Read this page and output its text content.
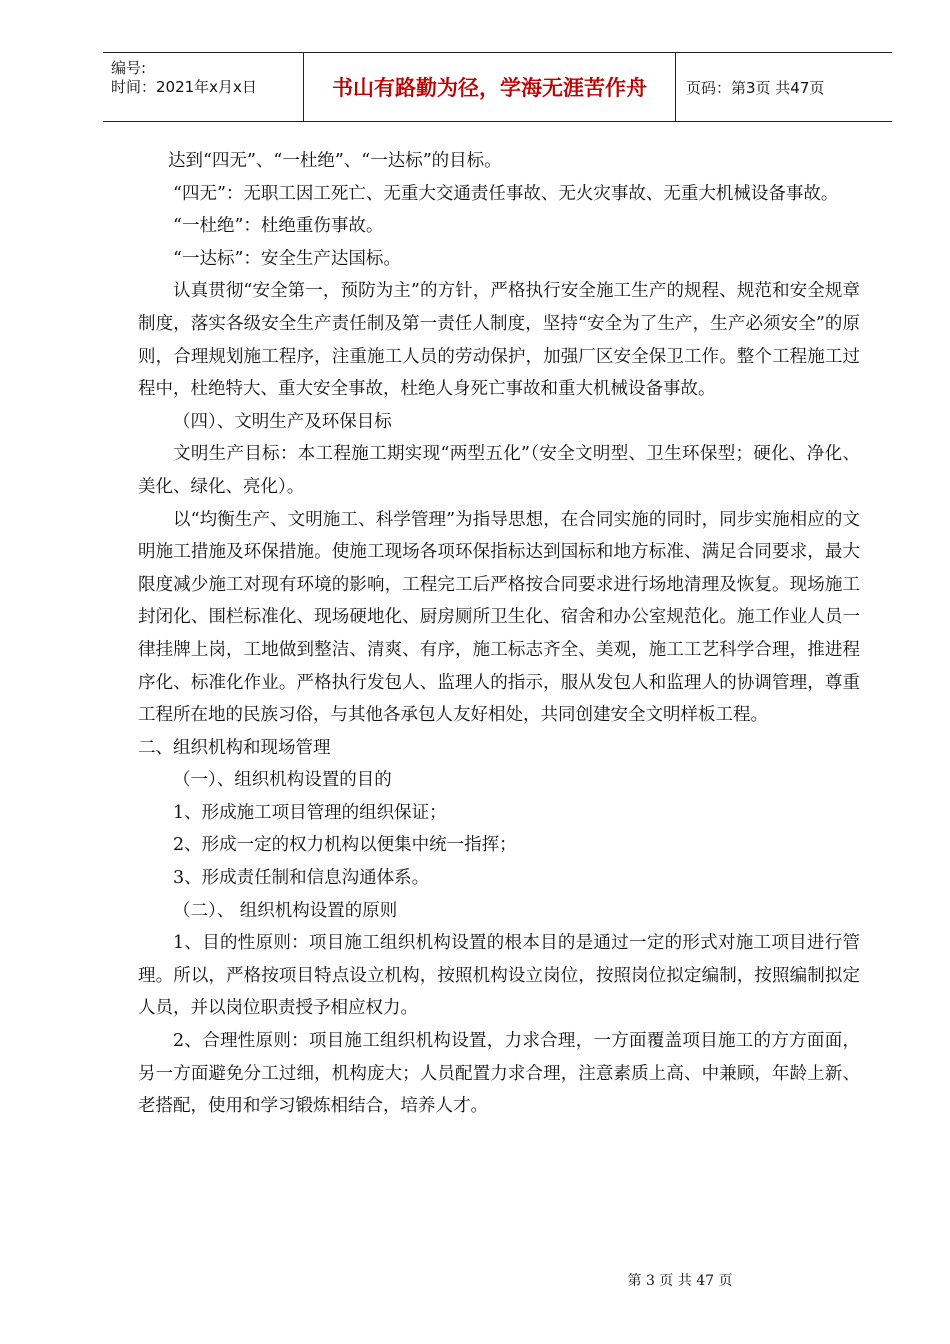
编号:
时间：2021年x月x日	书山有路勤为径，学海无涯苦作舟	页码：第3页 共47页

达到“四无”、“一杜绝”、“一达标”的目标。

“四无”：无职工因工死亡、无重大交通责任事故、无火灾事故、无重大机械设备事故。

“一杜绝”：杜绝重伤事故。

“一达标”：安全生产达国标。

认真贯彻“安全第一，预防为主”的方针，严格执行安全施工生产的规程、规范和安全规章制度，落实各级安全生产责任制及第一责任人制度，坚持“安全为了生产，生产必须安全”的原则，合理规划施工程序，注重施工人员的劳动保护，加强厂区安全保卫工作。整个工程施工过程中，杜绝特大、重大安全事故，杜绝人身死亡事故和重大机械设备事故。

（四）、文明生产及环保目标

文明生产目标：本工程施工期实现“两型五化”（安全文明型、卫生环保型；硬化、净化、美化、绿化、亮化）。

以“均衡生产、文明施工、科学管理”为指导思想，在合同实施的同时，同步实施相应的文明施工措施及环保措施。使施工现场各项环保指标达到国标和地方标准、满足合同要求，最大限度减少施工对现有环境的影响，工程完工后严格按合同要求进行场地清理及恢复。现场施工封闭化、围栏标准化、现场硬地化、厨房厕所卫生化、宿舍和办公室规范化。施工作业人员一律挂牌上岗，工地做到整洁、清爽、有序，施工标志齐全、美观，施工工艺科学合理，推进程序化、标准化作业。严格执行发包人、监理人的指示，服从发包人和监理人的协调管理，尊重工程所在地的民族习俗，与其他各承包人友好相处，共同创建安全文明样板工程。

二、组织机构和现场管理

（一）、组织机构设置的目的

1、形成施工项目管理的组织保证；

2、形成一定的权力机构以便集中统一指挥；

3、形成责任制和信息沟通体系。

（二）、 组织机构设置的原则

1、目的性原则：项目施工组织机构设置的根本目的是通过一定的形式对施工项目进行管理。所以，严格按项目特点设立机构，按照机构设立岗位，按照岗位拟定编制，按照编制拟定人员，并以岗位职责授予相应权力。

2、合理性原则：项目施工组织机构设置，力求合理，一方面覆盖项目施工的方方面面，另一方面避免分工过细，机构庞大；人员配置力求合理，注意素质上高、中兼顾，年龄上新、老搭配，使用和学习锻炼相结合，培养人才。

第 3 页 共 47 页
